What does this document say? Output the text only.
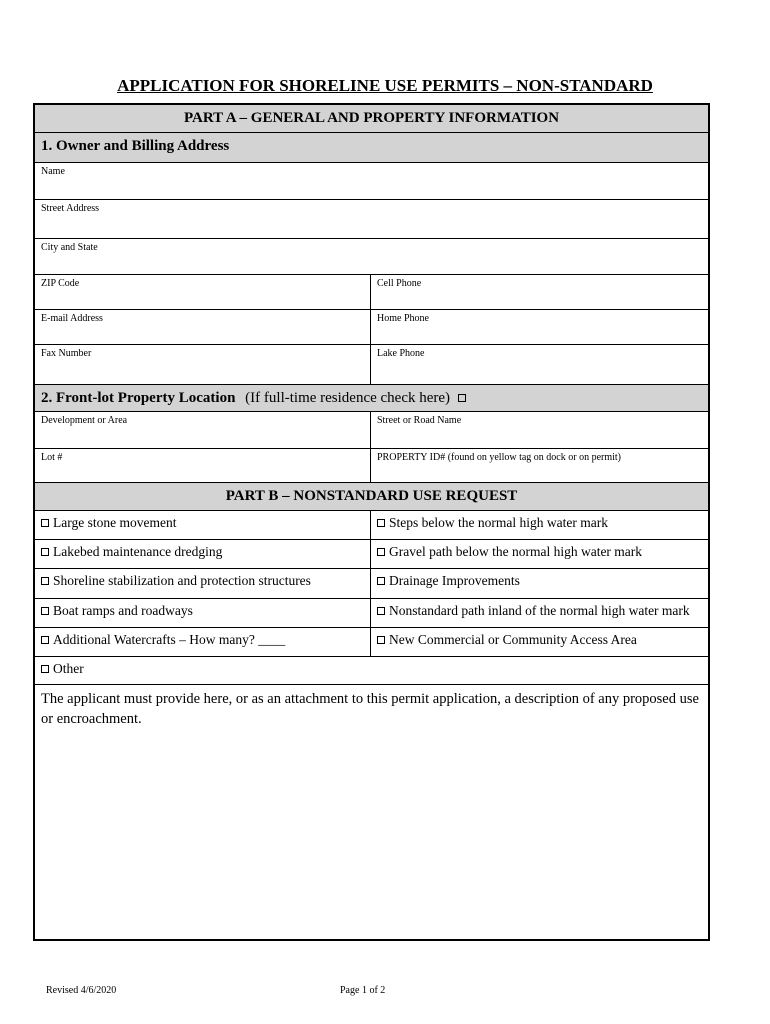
APPLICATION FOR SHORELINE USE PERMITS – NON-STANDARD
PART A – GENERAL AND PROPERTY INFORMATION
1. Owner and Billing Address
Name
Street Address
City and State
ZIP Code	Cell Phone
E-mail Address	Home Phone
Fax Number	Lake Phone
2. Front-lot Property Location (If full-time residence check here)
Development or Area	Street or Road Name
Lot #	PROPERTY ID# (found on yellow tag on dock or on permit)
PART B – NONSTANDARD USE REQUEST
Large stone movement	Steps below the normal high water mark
Lakebed maintenance dredging	Gravel path below the normal high water mark
Shoreline stabilization and protection structures	Drainage Improvements
Boat ramps and roadways	Nonstandard path inland of the normal high water mark
Additional Watercrafts – How many? ____	New Commercial or Community Access Area
Other
The applicant must provide here, or as an attachment to this permit application, a description of any proposed use or encroachment.
Revised 4/6/2020	Page 1 of 2
